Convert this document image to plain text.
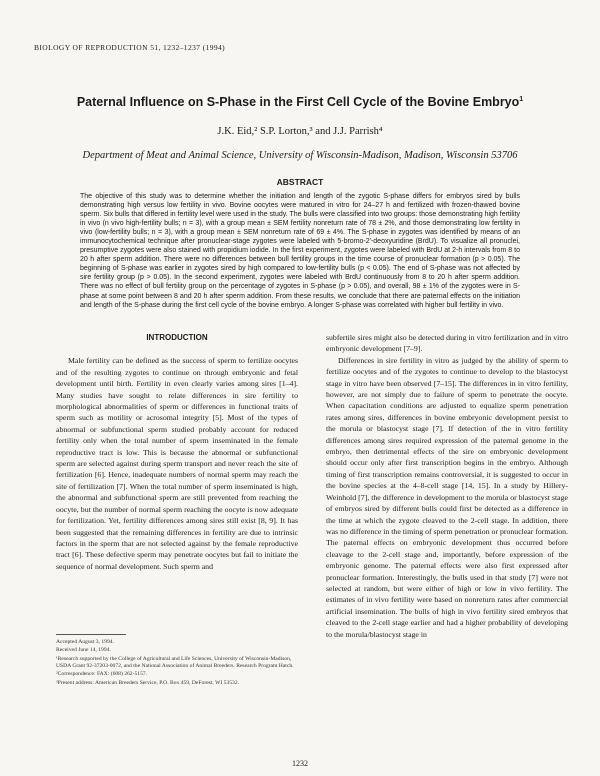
BIOLOGY OF REPRODUCTION 51, 1232–1237 (1994)
Paternal Influence on S-Phase in the First Cell Cycle of the Bovine Embryo$^1$
J.K. Eid,² S.P. Lorton,³ and J.J. Parrish⁴
Department of Meat and Animal Science, University of Wisconsin-Madison, Madison, Wisconsin 53706
ABSTRACT
The objective of this study was to determine whether the initiation and length of the zygotic S-phase differs for embryos sired by bulls demonstrating high versus low fertility in vivo. Bovine oocytes were matured in vitro for 24–27 h and fertilized with frozen-thawed bovine sperm. Six bulls that differed in fertility level were used in the study. The bulls were classified into two groups: those demonstrating high fertility in vivo (n vivo high-fertility bulls; n = 3), with a group mean ± SEM fertility nonreturn rate of 78 ± 2%, and those demonstrating low fertility in vivo (low-fertility bulls; n = 3), with a group mean ± SEM nonreturn rate of 69 ± 4%. The S-phase in zygotes was identified by means of an immunocytochemical technique after pronuclear-stage zygotes were labeled with 5-bromo-2′-deoxyuridine (BrdU). To visualize all pronuclei, presumptive zygotes were also stained with propidium iodide. In the first experiment, zygotes were labeled with BrdU at 2-h intervals from 8 to 20 h after sperm addition. There were no differences between bull fertility groups in the time course of pronuclear formation (p > 0.05). The beginning of S-phase was earlier in zygotes sired by high compared to low-fertility bulls (p < 0.05). The end of S-phase was not affected by sire fertility group (p > 0.05). In the second experiment, zygotes were labeled with BrdU continuously from 8 to 20 h after sperm addition. There was no effect of bull fertility group on the percentage of zygotes in S-phase (p > 0.05), and overall, 98 ± 1% of the zygotes were in S-phase at some point between 8 and 20 h after sperm addition. From these results, we conclude that there are paternal effects on the initiation and length of the S-phase during the first cell cycle of the bovine embryo. A longer S-phase was correlated with higher bull fertility in vivo.
INTRODUCTION

Male fertility can be defined as the success of sperm to fertilize oocytes and of the resulting zygotes to continue on through embryonic and fetal development until birth. Fertility in even clearly varies among sires [1–4]. Many studies have sought to relate differences in sire fertility to morphological abnormalities of sperm or differences in functional traits of sperm such as motility or acrosomal integrity [5]. Most of the types of abnormal or subfunctional sperm studied probably account for reduced fertility only when the total number of sperm inseminated in the female reproductive tract is low. This is because the abnormal or subfunctional sperm are selected against during sperm transport and never reach the site of fertilization [6]. Hence, inadequate numbers of normal sperm may reach the site of fertilization [7]. When the total number of sperm inseminated is high, the abnormal and subfunctional sperm are still prevented from reaching the oocyte, but the number of normal sperm reaching the oocyte is now adequate for fertilization. Yet, fertility differences among sires still exist [8, 9]. It has been suggested that the remaining differences in fertility are due to intrinsic factors in the sperm that are not selected against by the female reproductive tract [6]. These defective sperm may penetrate oocytes but fail to initiate the sequence of normal development. Such sperm and

subfertile sires might also be detected during in vitro fertilization and in vitro embryonic development [7–9].

Differences in sire fertility in vitro as judged by the ability of sperm to fertilize oocytes and of the zygotes to continue to develop to the blastocyst stage in vitro have been observed [7–15]. The differences in in vitro fertility, however, are not simply due to failure of sperm to penetrate the oocyte. When capacitation conditions are adjusted to equalize sperm penetration rates among sires, differences in bovine embryonic development persist to the morula or blastocyst stage [7]. If detection of the in vitro fertility differences among sires required expression of the paternal genome in the embryo, then detrimental effects of the sire on embryonic development should occur only after first transcription begins in the embryo. Although timing of first transcription remains controversial, it is suggested to occur in the bovine species at the 4–8-cell stage [14, 15]. In a study by Hillery-Weinhold [7], the difference in development to the morula or blastocyst stage of embryos sired by different bulls could first be detected as a difference in the time at which the zygote cleaved to the 2-cell stage. In addition, there was no difference in the timing of sperm penetration or pronuclear formation. The paternal effects on embryonic development thus occurred before cleavage to the 2-cell stage and, importantly, before expression of the embryonic genome. The paternal effects were also first expressed after pronuclear formation. Interestingly, the bulls used in that study [7] were not selected at random, but were either of high or low in vivo fertility. The estimates of in vivo fertility were based on nonreturn rates after commercial artificial insemination. The bulls of high in vivo fertility sired embryos that cleaved to the 2-cell stage earlier and had a higher probability of developing to the morula/blastocyst stage in

Accepted August 3, 1994.

Received June 14, 1994.

¹Research supported by the College of Agricultural and Life Sciences, University of Wisconsin-Madison, USDA Grant 92-37203-0072, and the National Association of Animal Breeders. Research Program Hatch.

²Correspondence: FAX: (608) 262-5157.

³Present address: American Breeders Service, P.O. Box 459, DeForest, WI 53532.

1232
